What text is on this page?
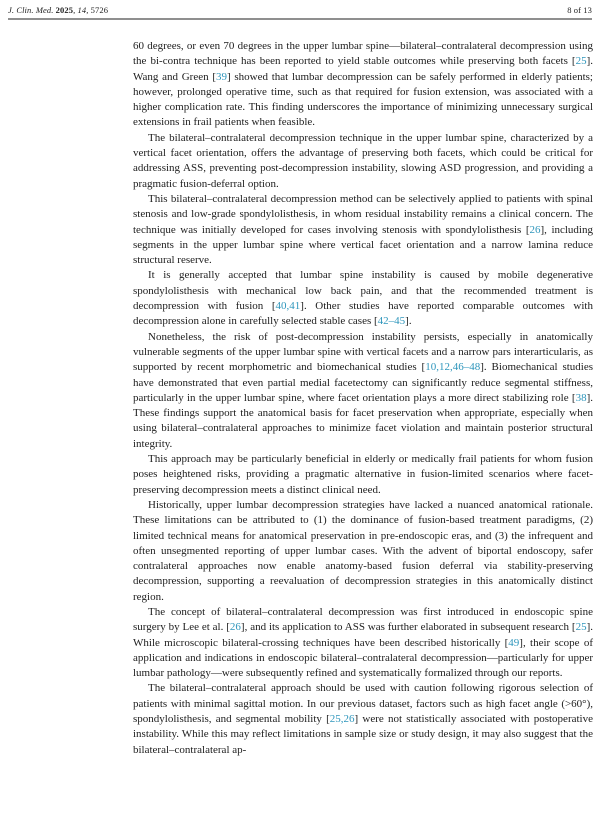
J. Clin. Med. 2025, 14, 5726	8 of 13

60 degrees, or even 70 degrees in the upper lumbar spine—bilateral–contralateral decompression using the bi-contra technique has been reported to yield stable outcomes while preserving both facets [25]. Wang and Green [39] showed that lumbar decompression can be safely performed in elderly patients; however, prolonged operative time, such as that required for fusion extension, was associated with a higher complication rate. This finding underscores the importance of minimizing unnecessary surgical extensions in frail patients when feasible.

The bilateral–contralateral decompression technique in the upper lumbar spine, characterized by a vertical facet orientation, offers the advantage of preserving both facets, which could be critical for addressing ASS, preventing post-decompression instability, slowing ASD progression, and providing a pragmatic fusion-deferral option.

This bilateral–contralateral decompression method can be selectively applied to patients with spinal stenosis and low-grade spondylolisthesis, in whom residual instability remains a clinical concern. The technique was initially developed for cases involving stenosis with spondylolisthesis [26], including segments in the upper lumbar spine where vertical facet orientation and a narrow lamina reduce structural reserve.

It is generally accepted that lumbar spine instability is caused by mobile degenerative spondylolisthesis with mechanical low back pain, and that the recommended treatment is decompression with fusion [40,41]. Other studies have reported comparable outcomes with decompression alone in carefully selected stable cases [42–45].

Nonetheless, the risk of post-decompression instability persists, especially in anatomically vulnerable segments of the upper lumbar spine with vertical facets and a narrow pars interarticularis, as supported by recent morphometric and biomechanical studies [10,12,46–48]. Biomechanical studies have demonstrated that even partial medial facetectomy can significantly reduce segmental stiffness, particularly in the upper lumbar spine, where facet orientation plays a more direct stabilizing role [38]. These findings support the anatomical basis for facet preservation when appropriate, especially when using bilateral–contralateral approaches to minimize facet violation and maintain posterior structural integrity.

This approach may be particularly beneficial in elderly or medically frail patients for whom fusion poses heightened risks, providing a pragmatic alternative in fusion-limited scenarios where facet-preserving decompression meets a distinct clinical need.

Historically, upper lumbar decompression strategies have lacked a nuanced anatomical rationale. These limitations can be attributed to (1) the dominance of fusion-based treatment paradigms, (2) limited technical means for anatomical preservation in pre-endoscopic eras, and (3) the infrequent and often unsegmented reporting of upper lumbar cases. With the advent of biportal endoscopy, safer contralateral approaches now enable anatomy-based fusion deferral via stability-preserving decompression, supporting a reevaluation of decompression strategies in this anatomically distinct region.

The concept of bilateral–contralateral decompression was first introduced in endoscopic spine surgery by Lee et al. [26], and its application to ASS was further elaborated in subsequent research [25]. While microscopic bilateral-crossing techniques have been described historically [49], their scope of application and indications in endoscopic bilateral–contralateral decompression—particularly for upper lumbar pathology—were subsequently refined and systematically formalized through our reports.

The bilateral–contralateral approach should be used with caution following rigorous selection of patients with minimal sagittal motion. In our previous dataset, factors such as high facet angle (>60°), spondylolisthesis, and segmental mobility [25,26] were not statistically associated with postoperative instability. While this may reflect limitations in sample size or study design, it may also suggest that the bilateral–contralateral ap-
